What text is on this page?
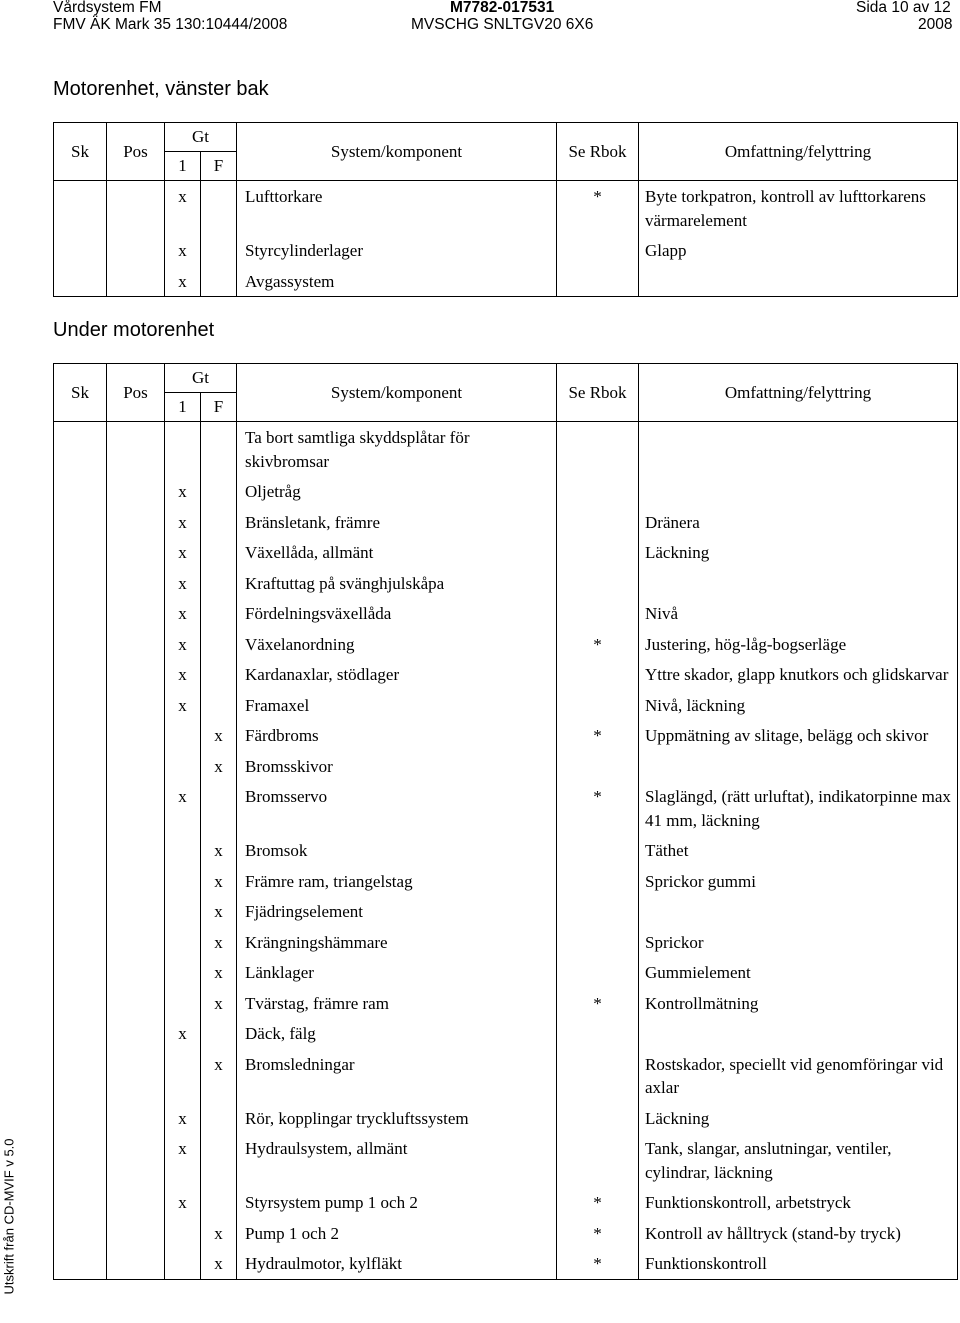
Vårdsystem FM
FMV ÄK Mark 35 130:10444/2008
M7782-017531
MVSCHG SNLTGV20 6X6
Sida 10 av 12
2008
Utskrift från CD-MVIF v 5.0
Motorenhet, vänster bak
Sk	Pos	Gt		System/komponent	Se Rbok	Omfattning/felyttring
		1	F			
		x		Lufttorkare	*	Byte torkpatron, kontroll av lufttorkarens värmarelement
		x		Styrcylinderlager		Glapp
		x		Avgassystem		
Under motorenhet
Sk	Pos	Gt		System/komponent	Se Rbok	Omfattning/felyttring
		1	F			
				Ta bort samtliga skyddsplåtar för skivbromsar		
		x		Oljetråg		
		x		Bränsletank, främre		Dränera
		x		Växellåda, allmänt		Läckning
		x		Kraftuttag på svänghjulskåpa		
		x		Fördelningsväxellåda		Nivå
		x		Växelanordning	*	Justering, hög-låg-bogserläge
		x		Kardanaxlar, stödlager		Yttre skador, glapp knutkors och glidskarvar
		x		Framaxel		Nivå, läckning
			x	Färdbroms	*	Uppmätning av slitage, belägg och skivor
			x	Bromsskivor		
		x		Bromsservo	*	Slaglängd, (rätt urluftat), indikatorpinne max 41 mm, läckning
			x	Bromsok		Täthet
			x	Främre ram, triangelstag		Sprickor gummi
			x	Fjädringselement		
			x	Krängningshämmare		Sprickor
			x	Länklager		Gummielement
			x	Tvärstag, främre ram	*	Kontrollmätning
		x		Däck, fälg		
			x	Bromsledningar		Rostskador, speciellt vid genomföringar vid axlar
		x		Rör, kopplingar tryckluftssystem		Läckning
		x		Hydraulsystem, allmänt		Tank, slangar, anslutningar, ventiler, cylindrar, läckning
		x		Styrsystem pump 1 och 2	*	Funktionskontroll, arbetstryck
			x	Pump 1 och 2	*	Kontroll av hålltryck (stand-by tryck)
			x	Hydraulmotor, kylfläkt	*	Funktionskontroll
